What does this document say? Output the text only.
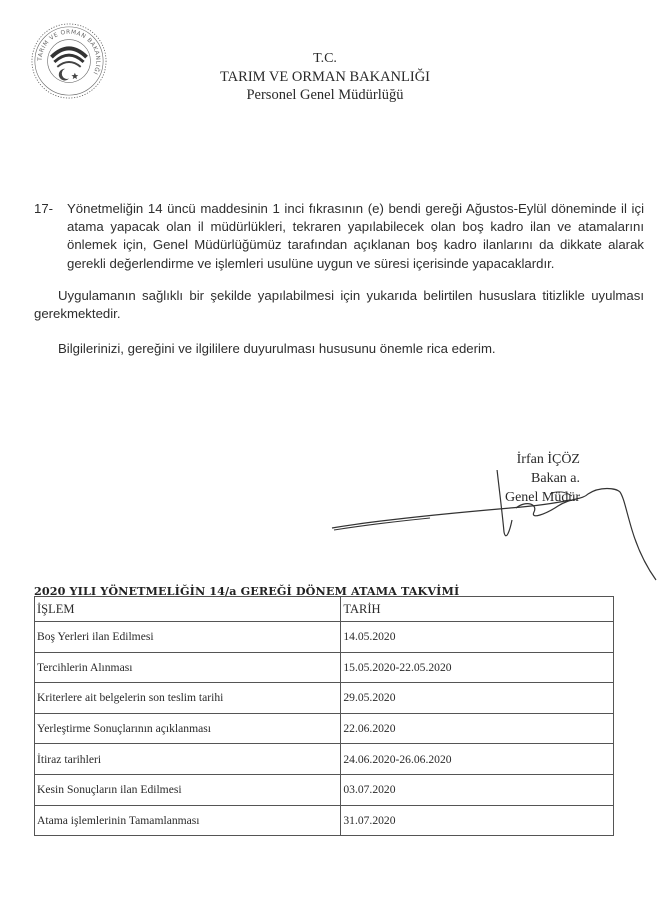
TARIM VE ORMAN BAKANLIĞI
T.C.
TARIM VE ORMAN BAKANLIĞI
Personel Genel Müdürlüğü
17-	Yönetmeliğin 14 üncü maddesinin 1 inci fıkrasının (e) bendi gereği Ağustos-Eylül döneminde il içi atama yapacak olan il müdürlükleri, tekraren yapılabilecek olan boş kadro ilan ve atamalarını önlemek için, Genel Müdürlüğümüz tarafından açıklanan boş kadro ilanlarını da dikkate alarak gerekli değerlendirme ve işlemleri usulüne uygun ve süresi içerisinde yapacaklardır.
Uygulamanın sağlıklı bir şekilde yapılabilmesi için yukarıda belirtilen hususlara titizlikle uyulması gerekmektedir.
Bilgilerinizi, gereğini ve ilgililere duyurulması hususunu önemle rica ederim.
İrfan İÇÖZ
Bakan a.
Genel Müdür
2020 YILI YÖNETMELİĞİN 14/a GEREĞİ DÖNEM ATAMA TAKVİMİ
İŞLEM	TARİH
Boş Yerleri ilan Edilmesi	14.05.2020
Tercihlerin Alınması	15.05.2020-22.05.2020
Kriterlere ait belgelerin son teslim tarihi	29.05.2020
Yerleştirme Sonuçlarının açıklanması	22.06.2020
İtiraz tarihleri	24.06.2020-26.06.2020
Kesin Sonuçların ilan Edilmesi	03.07.2020
Atama işlemlerinin Tamamlanması	31.07.2020
